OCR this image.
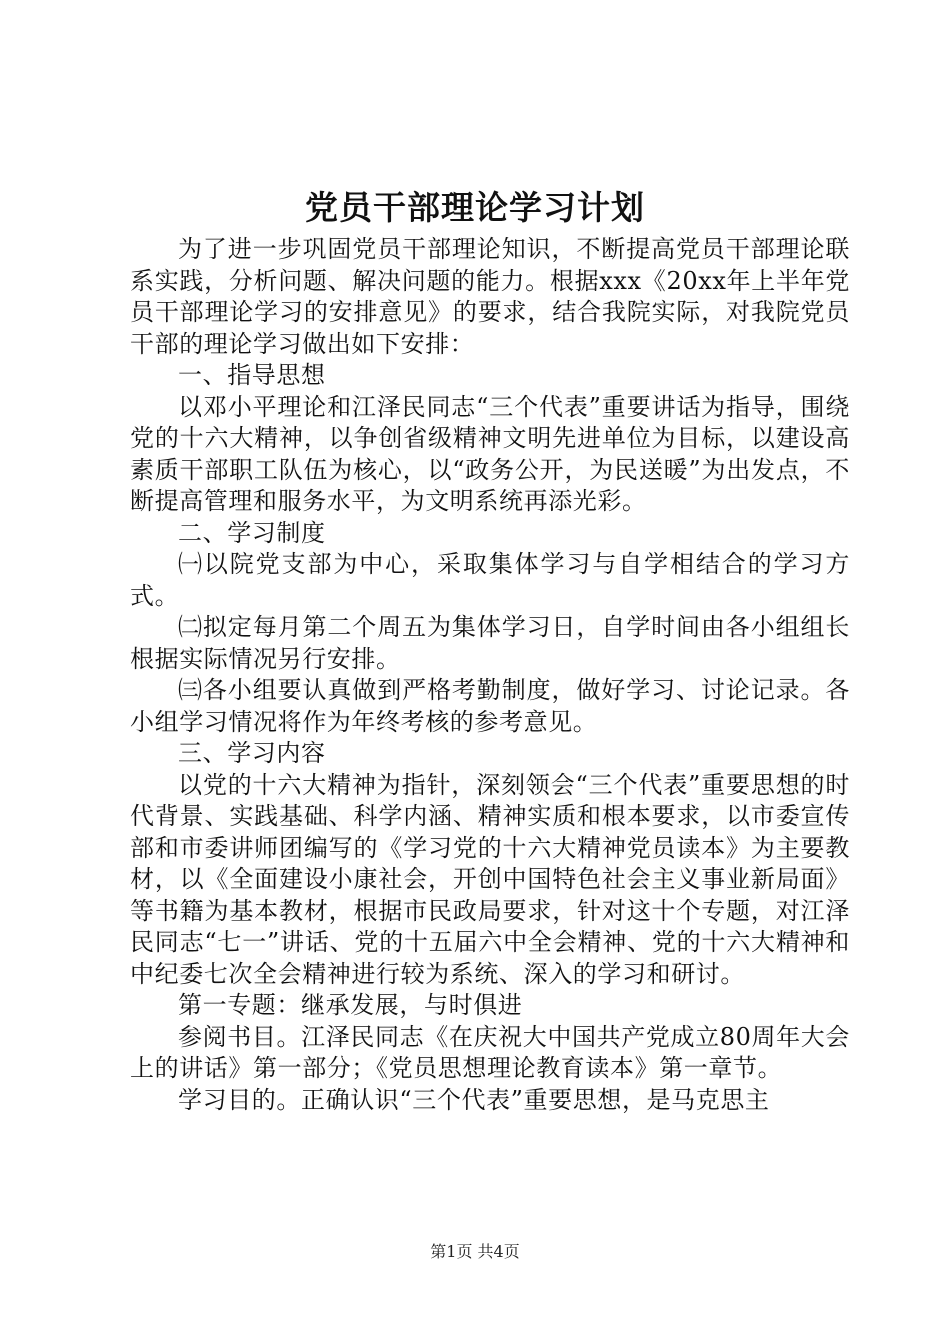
党员干部理论学习计划

为了进一步巩固党员干部理论知识，不断提高党员干部理论联系实践，分析问题、解决问题的能力。根据xxx《20xx年上半年党员干部理论学习的安排意见》的要求，结合我院实际，对我院党员干部的理论学习做出如下安排：

一、指导思想

以邓小平理论和江泽民同志“三个代表”重要讲话为指导，围绕党的十六大精神，以争创省级精神文明先进单位为目标，以建设高素质干部职工队伍为核心，以“政务公开，为民送暖”为出发点，不断提高管理和服务水平，为文明系统再添光彩。

二、学习制度

㈠以院党支部为中心，采取集体学习与自学相结合的学习方式。

㈡拟定每月第二个周五为集体学习日，自学时间由各小组组长根据实际情况另行安排。

㈢各小组要认真做到严格考勤制度，做好学习、讨论记录。各小组学习情况将作为年终考核的参考意见。

三、学习内容

以党的十六大精神为指针，深刻领会“三个代表”重要思想的时代背景、实践基础、科学内涵、精神实质和根本要求，以市委宣传部和市委讲师团编写的《学习党的十六大精神党员读本》为主要教材，以《全面建设小康社会，开创中国特色社会主义事业新局面》等书籍为基本教材，根据市民政局要求，针对这十个专题，对江泽民同志“七一”讲话、党的十五届六中全会精神、党的十六大精神和中纪委七次全会精神进行较为系统、深入的学习和研讨。

第一专题：继承发展，与时俱进

参阅书目。江泽民同志《在庆祝大中国共产党成立80周年大会上的讲话》第一部分；《党员思想理论教育读本》第一章节。

学习目的。正确认识“三个代表”重要思想，是马克思主

第1页 共4页
